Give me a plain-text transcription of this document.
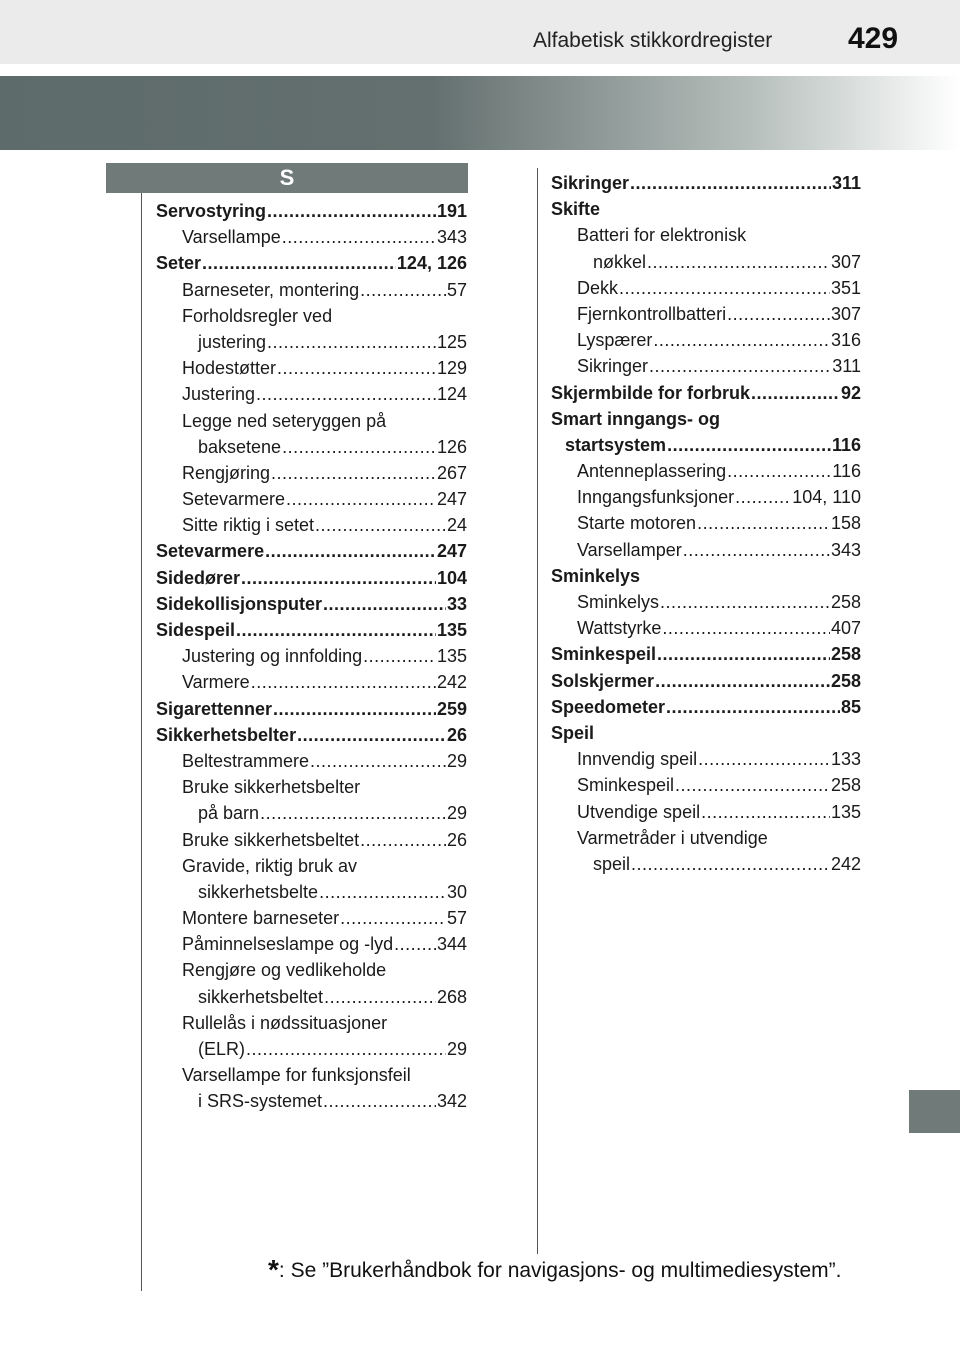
Alfabetisk stikkordregister	429
S
Servostyring .....	191
Varsellampe .....	343
Seter .....	124, 126
Barneseter, montering .....	57
Forholdsregler ved
justering .....	125
Hodestøtter .....	129
Justering .....	124
Legge ned seteryggen på
baksetene .....	126
Rengjøring .....	267
Setevarmere .....	247
Sitte riktig i setet .....	24
Setevarmere .....	247
Sidedører .....	104
Sidekollisjonsputer .....	33
Sidespeil .....	135
Justering og innfolding .....	135
Varmere .....	242
Sigarettenner .....	259
Sikkerhetsbelter .....	26
Beltestrammere .....	29
Bruke sikkerhetsbelter
på barn .....	29
Bruke sikkerhetsbeltet .....	26
Gravide, riktig bruk av
sikkerhetsbelte .....	30
Montere barneseter .....	57
Påminnelseslampe og -lyd ..... 344
Rengjøre og vedlikeholde
sikkerhetsbeltet .....	268
Rullelås i nødssituasjoner
(ELR) .....	29
Varsellampe for funksjonsfeil
i SRS-systemet .....	342
Sikringer .....	311
Skifte
Batteri for elektronisk
nøkkel .....	307
Dekk .....	351
Fjernkontrollbatteri .....	307
Lyspærer .....	316
Sikringer .....	311
Skjermbilde for forbruk .....	92
Smart inngangs- og
startsystem .....	116
Antenneplassering .....	116
Inngangsfunksjoner .....	104, 110
Starte motoren .....	158
Varsellamper .....	343
Sminkelys
Sminkelys .....	258
Wattstyrke .....	407
Sminkespeil .....	258
Solskjermer .....	258
Speedometer .....	85
Speil
Innvendig speil .....	133
Sminkespeil .....	258
Utvendige speil .....	135
Varmetråder i utvendige
speil .....	242
*: Se ”Brukerhåndbok for navigasjons- og multimediesystem”.
